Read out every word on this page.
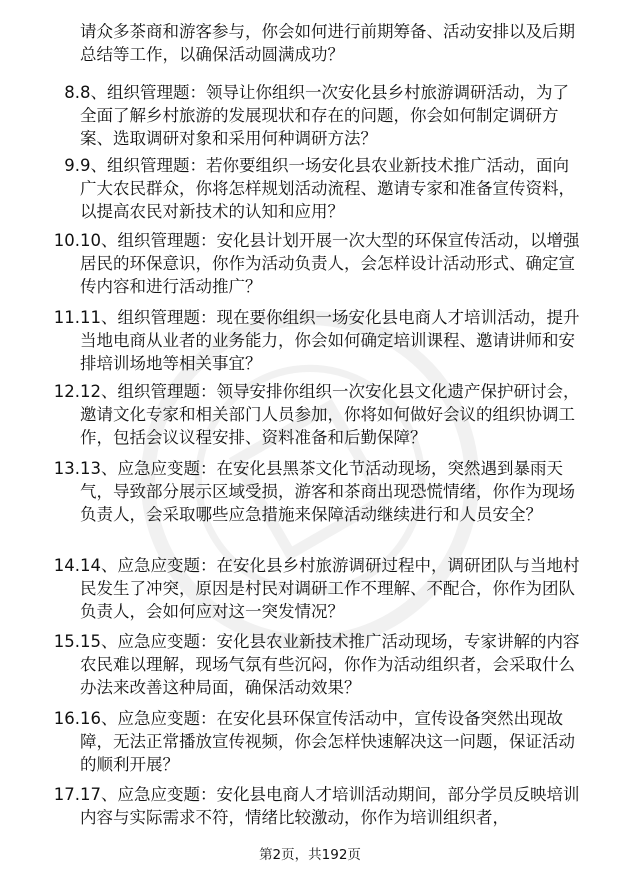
请众多茶商和游客参与，你会如何进行前期筹备、活动安排以及后期总结等工作，以确保活动圆满成功？
8. 8、组织管理题：领导让你组织一次安化县乡村旅游调研活动，为了全面了解乡村旅游的发展现状和存在的问题，你会如何制定调研方案、选取调研对象和采用何种调研方法？
9. 9、组织管理题：若你要组织一场安化县农业新技术推广活动，面向广大农民群众，你将怎样规划活动流程、邀请专家和准备宣传资料，以提高农民对新技术的认知和应用？
10. 10、组织管理题：安化县计划开展一次大型的环保宣传活动，以增强居民的环保意识，你作为活动负责人，会怎样设计活动形式、确定宣传内容和进行活动推广？
11. 11、组织管理题：现在要你组织一场安化县电商人才培训活动，提升当地电商从业者的业务能力，你会如何确定培训课程、邀请讲师和安排培训场地等相关事宜？
12. 12、组织管理题：领导安排你组织一次安化县文化遗产保护研讨会，邀请文化专家和相关部门人员参加，你将如何做好会议的组织协调工作，包括会议议程安排、资料准备和后勤保障？
13. 13、应急应变题：在安化县黑茶文化节活动现场，突然遇到暴雨天气，导致部分展示区域受损，游客和茶商出现恐慌情绪，你作为现场负责人，会采取哪些应急措施来保障活动继续进行和人员安全？
14. 14、应急应变题：在安化县乡村旅游调研过程中，调研团队与当地村民发生了冲突，原因是村民对调研工作不理解、不配合，你作为团队负责人，会如何应对这一突发情况？
15. 15、应急应变题：安化县农业新技术推广活动现场，专家讲解的内容农民难以理解，现场气氛有些沉闷，你作为活动组织者，会采取什么办法来改善这种局面，确保活动效果？
16. 16、应急应变题：在安化县环保宣传活动中，宣传设备突然出现故障，无法正常播放宣传视频，你会怎样快速解决这一问题，保证活动的顺利开展？
17. 17、应急应变题：安化县电商人才培训活动期间，部分学员反映培训内容与实际需求不符，情绪比较激动，你作为培训组织者，
第2页，共192页
